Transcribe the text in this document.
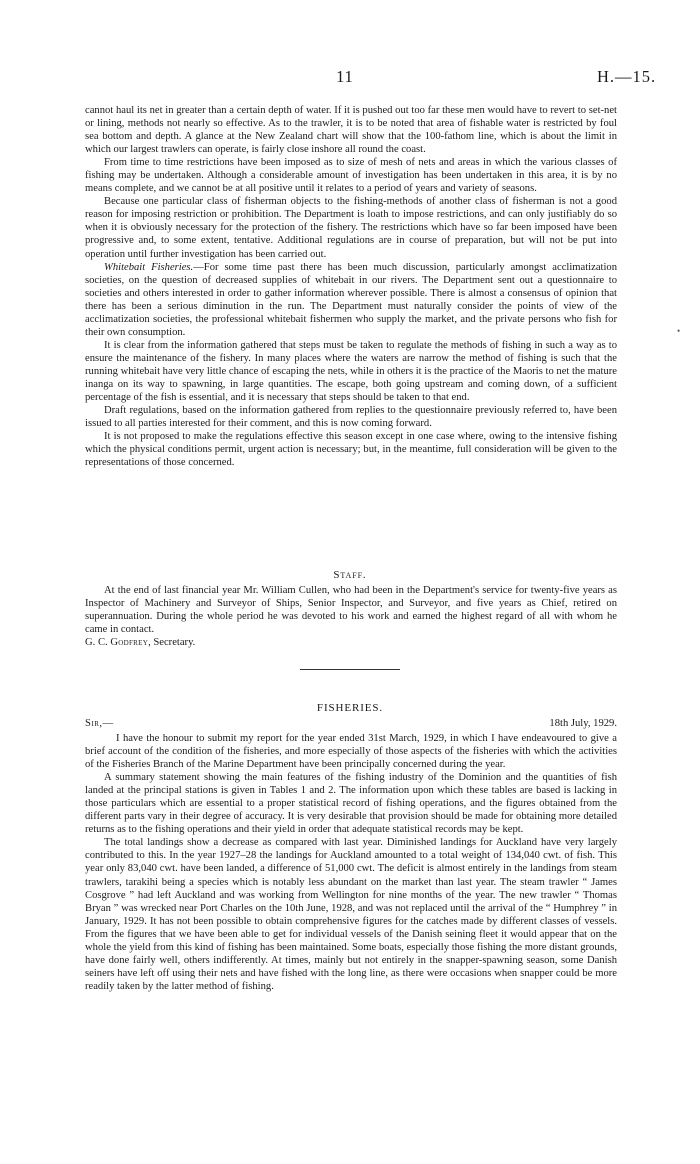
11	H.—15.

cannot haul its net in greater than a certain depth of water. If it is pushed out too far these men would have to revert to set-net or lining, methods not nearly so effective. As to the trawler, it is to be noted that area of fishable water is restricted by foul sea bottom and depth. A glance at the New Zealand chart will show that the 100-fathom line, which is about the limit in which our largest trawlers can operate, is fairly close inshore all round the coast.

From time to time restrictions have been imposed as to size of mesh of nets and areas in which the various classes of fishing may be undertaken. Although a considerable amount of investigation has been undertaken in this area, it is by no means complete, and we cannot be at all positive until it relates to a period of years and variety of seasons.

Because one particular class of fisherman objects to the fishing-methods of another class of fisherman is not a good reason for imposing restriction or prohibition. The Department is loath to impose restrictions, and can only justifiably do so when it is obviously necessary for the protection of the fishery. The restrictions which have so far been imposed have been progressive and, to some extent, tentative. Additional regulations are in course of preparation, but will not be put into operation until further investigation has been carried out.

Whitebait Fisheries.—For some time past there has been much discussion, particularly amongst acclimatization societies, on the question of decreased supplies of whitebait in our rivers. The Department sent out a questionnaire to societies and others interested in order to gather information wherever possible. There is almost a consensus of opinion that there has been a serious diminution in the run. The Department must naturally consider the points of view of the acclimatization societies, the professional whitebait fishermen who supply the market, and the private persons who fish for their own consumption.

It is clear from the information gathered that steps must be taken to regulate the methods of fishing in such a way as to ensure the maintenance of the fishery. In many places where the waters are narrow the method of fishing is such that the running whitebait have very little chance of escaping the nets, while in others it is the practice of the Maoris to net the mature inanga on its way to spawning, in large quantities. The escape, both going upstream and coming down, of a sufficient percentage of the fish is essential, and it is necessary that steps should be taken to that end.

Draft regulations, based on the information gathered from replies to the questionnaire previously referred to, have been issued to all parties interested for their comment, and this is now coming forward.

It is not proposed to make the regulations effective this season except in one case where, owing to the intensive fishing which the physical conditions permit, urgent action is necessary; but, in the meantime, full consideration will be given to the representations of those concerned.

Staff.

At the end of last financial year Mr. William Cullen, who had been in the Department's service for twenty-five years as Inspector of Machinery and Surveyor of Ships, Senior Inspector, and Surveyor, and five years as Chief, retired on superannuation. During the whole period he was devoted to his work and earned the highest regard of all with whom he came in contact.

G. C. Godfrey, Secretary.

FISHERIES.
Sir,—	18th July, 1929.

I have the honour to submit my report for the year ended 31st March, 1929, in which I have endeavoured to give a brief account of the condition of the fisheries, and more especially of those aspects of the fisheries with which the activities of the Fisheries Branch of the Marine Department have been principally concerned during the year.

A summary statement showing the main features of the fishing industry of the Dominion and the quantities of fish landed at the principal stations is given in Tables 1 and 2. The information upon which these tables are based is lacking in those particulars which are essential to a proper statistical record of fishing operations, and the figures obtained from the different parts vary in their degree of accuracy. It is very desirable that provision should be made for obtaining more detailed returns as to the fishing operations and their yield in order that adequate statistical records may be kept.

The total landings show a decrease as compared with last year. Diminished landings for Auckland have very largely contributed to this. In the year 1927–28 the landings for Auckland amounted to a total weight of 134,040 cwt. of fish. This year only 83,040 cwt. have been landed, a difference of 51,000 cwt. The deficit is almost entirely in the landings from steam trawlers, tarakihi being a species which is notably less abundant on the market than last year. The steam trawler “ James Cosgrove ” had left Auckland and was working from Wellington for nine months of the year. The new trawler “ Thomas Bryan ” was wrecked near Port Charles on the 10th June, 1928, and was not replaced until the arrival of the “ Humphrey ” in January, 1929. It has not been possible to obtain comprehensive figures for the catches made by different classes of vessels. From the figures that we have been able to get for individual vessels of the Danish seining fleet it would appear that on the whole the yield from this kind of fishing has been maintained. Some boats, especially those fishing the more distant grounds, have done fairly well, others indifferently. At times, mainly but not entirely in the snapper-spawning season, some Danish seiners have left off using their nets and have fished with the long line, as there were occasions when snapper could be more readily taken by the latter method of fishing.

•
